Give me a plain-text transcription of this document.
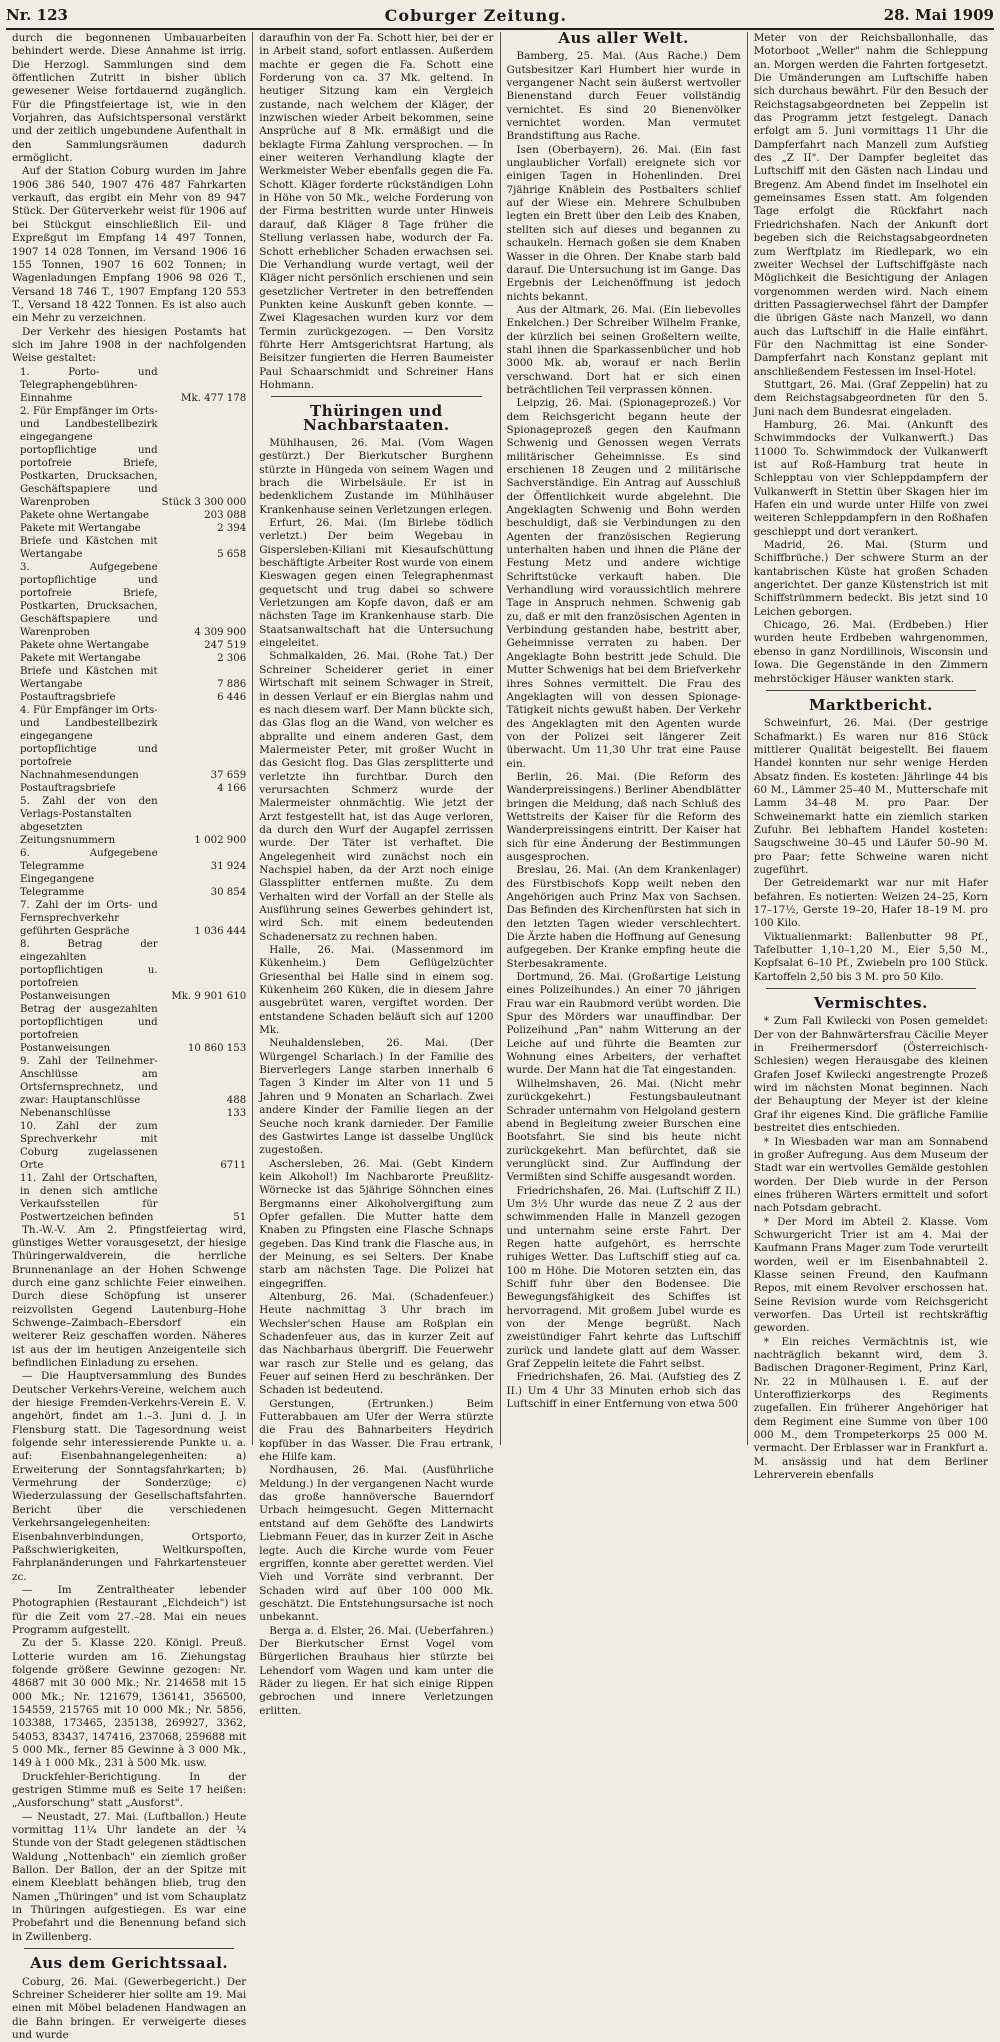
Nr. 123	Coburger Zeitung.	28. Mai 1909

durch die begonnenen Umbauarbeiten behindert werde. Diese Annahme ist irrig. Die Herzogl. Sammlungen sind dem öffentlichen Zutritt in bisher üblich gewesener Weise fortdauernd zugänglich. Für die Pfingstfeiertage ist, wie in den Vorjahren, das Aufsichtspersonal verstärkt und der zeitlich ungebundene Aufenthalt in den Sammlungsräumen dadurch ermöglicht.

Auf der Station Coburg wurden im Jahre 1906 386 540, 1907 476 487 Fahrkarten verkauft, das ergibt ein Mehr von 89 947 Stück. Der Güterverkehr weist für 1906 auf bei Stückgut einschließlich Eil- und Expreßgut im Empfang 14 497 Tonnen, 1907 14 028 Tonnen, im Versand 1906 16 155 Tonnen, 1907 16 602 Tonnen; in Wagenladungen Empfang 1906 98 026 T., Versand 18 746 T., 1907 Empfang 120 553 T., Versand 18 422 Tonnen. Es ist also auch ein Mehr zu verzeichnen.

Der Verkehr des hiesigen Postamts hat sich im Jahre 1908 in der nachfolgenden Weise gestaltet:

1. Porto- und Telegraphengebühren-Einnahme	Mk. 477 178
2. Für Empfänger im Orts- und Landbestellbezirk eingegangene portopflichtige und portofreie Briefe, Postkarten, Drucksachen, Geschäftspapiere und Warenproben	Stück 3 300 000
Pakete ohne Wertangabe	203 088
Pakete mit Wertangabe	2 394
Briefe und Kästchen mit Wertangabe	5 658
3. Aufgegebene portopflichtige und portofreie Briefe, Postkarten, Drucksachen, Geschäftspapiere und Warenproben	4 309 900
Pakete ohne Wertangabe	247 519
Pakete mit Wertangabe	2 306
Briefe und Kästchen mit Wertangabe	7 886
Postauftragsbriefe	6 446
4. Für Empfänger im Orts- und Landbestellbezirk eingegangene portopflichtige und portofreie Nachnahmesendungen	37 659
Postauftragsbriefe	4 166
5. Zahl der von den Verlags-Postanstalten abgesetzten Zeitungsnummern	1 002 900
6. Aufgegebene Telegramme	31 924
Eingegangene Telegramme	30 854
7. Zahl der im Orts- und Fernsprechverkehr geführten Gespräche	1 036 444
8. Betrag der eingezahlten portopflichtigen u. portofreien Postanweisungen	Mk. 9 901 610
Betrag der ausgezahlten portopflichtigen und portofreien Postanweisungen	10 860 153
9. Zahl der Teilnehmer-Anschlüsse am Ortsfernsprechnetz, und zwar: Hauptanschlüsse	488
Nebenanschlüsse	133
10. Zahl der zum Sprechverkehr mit Coburg zugelassenen Orte	6711
11. Zahl der Ortschaften, in denen sich amtliche Verkaufsstellen für Postwertzeichen befinden	51

Th.-W.-V. Am 2. Pfingstfeiertag wird, günstiges Wetter vorausgesetzt, der hiesige Thüringerwaldverein, die herrliche Brunnenanlage an der Hohen Schwenge durch eine ganz schlichte Feier einweihen. Durch diese Schöpfung ist unserer reizvollsten Gegend Lautenburg–Hohe Schwenge–Zaimbach–Ebersdorf ein weiterer Reiz geschaffen worden. Näheres ist aus der im heutigen Anzeigenteile sich befindlichen Einladung zu ersehen.

— Die Hauptversammlung des Bundes Deutscher Verkehrs-Vereine, welchem auch der hiesige Fremden-Verkehrs-Verein E. V. angehört, findet am 1.–3. Juni d. J. in Flensburg statt. Die Tagesordnung weist folgende sehr interessierende Punkte u. a. auf: Eisenbahnangelegenheiten: a) Erweiterung der Sonntagsfahrkarten; b) Vermehrung der Sonderzüge; c) Wiederzulassung der Gesellschaftsfahrten. Bericht über die verschiedenen Verkehrsangelegenheiten: Eisenbahnverbindungen, Ortsporto, Paßschwierigkeiten, Weltkurspoſten, Fahrplanänderungen und Fahrkartensteuer zc.

— Im Zentraltheater lebender Photographien (Restaurant „Eichdeich") ist für die Zeit vom 27.–28. Mai ein neues Programm aufgestellt.

Zu der 5. Klasse 220. Königl. Preuß. Lotterie wurden am 16. Ziehungstag folgende größere Gewinne gezogen: Nr. 48687 mit 30 000 Mk.; Nr. 214658 mit 15 000 Mk.; Nr. 121679, 136141, 356500, 154559, 215765 mit 10 000 Mk.; Nr. 5856, 103388, 173465, 235138, 269927, 3362, 54053, 83437, 147416, 237068, 259688 mit 5 000 Mk., ferner 85 Gewinne à 3 000 Mk., 149 à 1 000 Mk., 231 à 500 Mk. usw.

Druckfehler-Berichtigung. In der gestrigen Stimme muß es Seite 17 heißen: „Ausforschung" statt „Ausforst".

— Neustadt, 27. Mai. (Luftballon.) Heute vormittag 11¼ Uhr landete an der ¼ Stunde von der Stadt gelegenen städtischen Waldung „Nottenbach" ein ziemlich großer Ballon. Der Ballon, der an der Spitze mit einem Kleeblatt behängen blieb, trug den Namen „Thüringen" und ist vom Schauplatz in Thüringen aufgestiegen. Es war eine Probefahrt und die Benennung befand sich in Zwillenberg.

Aus dem Gerichtssaal.

Coburg, 26. Mai. (Gewerbegericht.) Der Schreiner Scheiderer hier sollte am 19. Mai einen mit Möbel beladenen Handwagen an die Bahn bringen. Er verweigerte dieses und wurde

daraufhin von der Fa. Schott hier, bei der er in Arbeit stand, sofort entlassen. Außerdem machte er gegen die Fa. Schott eine Forderung von ca. 37 Mk. geltend. In heutiger Sitzung kam ein Vergleich zustande, nach welchem der Kläger, der inzwischen wieder Arbeit bekommen, seine Ansprüche auf 8 Mk. ermäßigt und die beklagte Firma Zahlung versprochen. — In einer weiteren Verhandlung klagte der Werkmeister Weber ebenfalls gegen die Fa. Schott. Kläger forderte rückständigen Lohn in Höhe von 50 Mk., welche Forderung von der Firma bestritten wurde unter Hinweis darauf, daß Kläger 8 Tage früher die Stellung verlassen habe, wodurch der Fa. Schott erheblicher Schaden erwachsen sei. Die Verhandlung wurde vertagt, weil der Kläger nicht persönlich erschienen und sein gesetzlicher Vertreter in den betreffenden Punkten keine Auskunft geben konnte. — Zwei Klagesachen wurden kurz vor dem Termin zurückgezogen. — Den Vorsitz führte Herr Amtsgerichtsrat Hartung, als Beisitzer fungierten die Herren Baumeister Paul Schaarschmidt und Schreiner Hans Hohmann.

Thüringen und Nachbarstaaten.

Mühlhausen, 26. Mai. (Vom Wagen gestürzt.) Der Bierkutscher Burghenn stürzte in Hüngeda von seinem Wagen und brach die Wirbelsäule. Er ist in bedenklichem Zustande im Mühlhäuser Krankenhause seinen Verletzungen erlegen.

Erfurt, 26. Mai. (Im Birlebe tödlich verletzt.) Der beim Wegebau in Gispersleben-Kiliani mit Kiesaufschüttung beschäftigte Arbeiter Rost wurde von einem Kieswagen gegen einen Telegraphenmast gequetscht und trug dabei so schwere Verletzungen am Kopfe davon, daß er am nächsten Tage im Krankenhause starb. Die Staatsanwaltschaft hat die Untersuchung eingeleitet.

Schmalkalden, 26. Mai. (Rohe Tat.) Der Schreiner Scheiderer geriet in einer Wirtschaft mit seinem Schwager in Streit, in dessen Verlauf er ein Bierglas nahm und es nach diesem warf. Der Mann bückte sich, das Glas flog an die Wand, von welcher es abprallte und einem anderen Gast, dem Malermeister Peter, mit großer Wucht in das Gesicht flog. Das Glas zersplitterte und verletzte ihn furchtbar. Durch den verursachten Schmerz wurde der Malermeister ohnmächtig. Wie jetzt der Arzt festgestellt hat, ist das Auge verloren, da durch den Wurf der Augapfel zerrissen wurde. Der Täter ist verhaftet. Die Angelegenheit wird zunächst noch ein Nachspiel haben, da der Arzt noch einige Glassplitter entfernen mußte. Zu dem Verhalten wird der Vorfall an der Stelle als Ausführung seines Gewerbes gehindert ist, wird Sch. mit einem bedeutenden Schadenersatz zu rechnen haben.

Halle, 26. Mai. (Massenmord im Kükenheim.) Dem Geflügelzüchter Griesenthal bei Halle sind in einem sog. Kükenheim 260 Küken, die in diesem Jahre ausgebrütet waren, vergiftet worden. Der entstandene Schaden beläuft sich auf 1200 Mk.

Neuhaldensleben, 26. Mai. (Der Würgengel Scharlach.) In der Familie des Bierverlegers Lange starben innerhalb 6 Tagen 3 Kinder im Alter von 11 und 5 Jahren und 9 Monaten an Scharlach. Zwei andere Kinder der Familie liegen an der Seuche noch krank darnieder. Der Familie des Gastwirtes Lange ist dasselbe Unglück zugestoßen.

Aschersleben, 26. Mai. (Gebt Kindern kein Alkohol!) Im Nachbarorte Preußlitz-Wörnecke ist das 5jährige Söhnchen eines Bergmanns einer Alkoholvergiftung zum Opfer gefallen. Die Mutter hatte dem Knaben zu Pfingsten eine Flasche Schnaps gegeben. Das Kind trank die Flasche aus, in der Meinung, es sei Selters. Der Knabe starb am nächsten Tage. Die Polizei hat eingegriffen.

Altenburg, 26. Mai. (Schadenfeuer.) Heute nachmittag 3 Uhr brach im Wechsler'schen Hause am Roßplan ein Schadenfeuer aus, das in kurzer Zeit auf das Nachbarhaus übergriff. Die Feuerwehr war rasch zur Stelle und es gelang, das Feuer auf seinen Herd zu beschränken. Der Schaden ist bedeutend.

Gerstungen, (Ertrunken.) Beim Futterabbauen am Ufer der Werra stürzte die Frau des Bahnarbeiters Heydrich kopfüber in das Wasser. Die Frau ertrank, ehe Hilfe kam.

Nordhausen, 26. Mai. (Ausführliche Meldung.) In der vergangenen Nacht wurde das große hannöversche Bauerndorf Urbach heimgesucht. Gegen Mitternacht entstand auf dem Gehöfte des Landwirts Liebmann Feuer, das in kurzer Zeit in Asche legte. Auch die Kirche wurde vom Feuer ergriffen, konnte aber gerettet werden. Viel Vieh und Vorräte sind verbrannt. Der Schaden wird auf über 100 000 Mk. geschätzt. Die Entstehungsursache ist noch unbekannt.

Berga a. d. Elster, 26. Mai. (Ueberfahren.) Der Bierkutscher Ernst Vogel vom Bürgerlichen Brauhaus hier stürzte bei Lehendorf vom Wagen und kam unter die Räder zu liegen. Er hat sich einige Rippen gebrochen und innere Verletzungen erlitten.

Aus aller Welt.

Bamberg, 25. Mai. (Aus Rache.) Dem Gutsbesitzer Karl Humbert hier wurde in vergangener Nacht sein äußerst wertvoller Bienenstand durch Feuer vollständig vernichtet. Es sind 20 Bienenvölker vernichtet worden. Man vermutet Brandstiftung aus Rache.

Isen (Oberbayern), 26. Mai. (Ein fast unglaublicher Vorfall) ereignete sich vor einigen Tagen in Hohenlinden. Drei 7jährige Knäblein des Postbalters schlief auf der Wiese ein. Mehrere Schulbuben legten ein Brett über den Leib des Knaben, stellten sich auf dieses und begannen zu schaukeln. Hernach goßen sie dem Knaben Wasser in die Ohren. Der Knabe starb bald darauf. Die Untersuchung ist im Gange. Das Ergebnis der Leichenöffnung ist jedoch nichts bekannt.

Aus der Altmark, 26. Mai. (Ein liebevolles Enkelchen.) Der Schreiber Wilhelm Franke, der kürzlich bei seinen Großeltern weilte, stahl ihnen die Sparkassenbücher und hob 3000 Mk. ab, worauf er nach Berlin verschwand. Dort hat er sich einen beträchtlichen Teil verprassen können.

Leipzig, 26. Mai. (Spionageprozeß.) Vor dem Reichsgericht begann heute der Spionageprozeß gegen den Kaufmann Schwenig und Genossen wegen Verrats militärischer Geheimnisse. Es sind erschienen 18 Zeugen und 2 militärische Sachverständige. Ein Antrag auf Ausschluß der Öffentlichkeit wurde abgelehnt. Die Angeklagten Schwenig und Bohn werden beschuldigt, daß sie Verbindungen zu den Agenten der französischen Regierung unterhalten haben und ihnen die Pläne der Festung Metz und andere wichtige Schriftstücke verkauft haben. Die Verhandlung wird voraussichtlich mehrere Tage in Anspruch nehmen. Schwenig gab zu, daß er mit den französischen Agenten in Verbindung gestanden habe, bestritt aber, Geheimnisse verraten zu haben. Der Angeklagte Bohn bestritt jede Schuld. Die Mutter Schwenigs hat bei dem Briefverkehr ihres Sohnes vermittelt. Die Frau des Angeklagten will von dessen Spionage-Tätigkeit nichts gewußt haben. Der Verkehr des Angeklagten mit den Agenten wurde von der Polizei seit längerer Zeit überwacht. Um 11,30 Uhr trat eine Pause ein.

Berlin, 26. Mai. (Die Reform des Wanderpreissingens.) Berliner Abendblätter bringen die Meldung, daß nach Schluß des Wettstreits der Kaiser für die Reform des Wanderpreissingens eintritt. Der Kaiser hat sich für eine Änderung der Bestimmungen ausgesprochen.

Breslau, 26. Mai. (An dem Krankenlager) des Fürstbischofs Kopp weilt neben den Angehörigen auch Prinz Max von Sachsen. Das Befinden des Kirchenfürsten hat sich in den letzten Tagen wieder verschlechtert. Die Ärzte haben die Hoffnung auf Genesung aufgegeben. Der Kranke empfing heute die Sterbesakramente.

Dortmund, 26. Mai. (Großartige Leistung eines Polizeihundes.) An einer 70 jährigen Frau war ein Raubmord verübt worden. Die Spur des Mörders war unauffindbar. Der Polizeihund „Pan" nahm Witterung an der Leiche auf und führte die Beamten zur Wohnung eines Arbeiters, der verhaftet wurde. Der Mann hat die Tat eingestanden.

Wilhelmshaven, 26. Mai. (Nicht mehr zurückgekehrt.) Festungsbauleutnant Schrader unternahm von Helgoland gestern abend in Begleitung zweier Burschen eine Bootsfahrt. Sie sind bis heute nicht zurückgekehrt. Man befürchtet, daß sie verunglückt sind. Zur Auffindung der Vermißten sind Schiffe ausgesandt worden.

Friedrichshafen, 26. Mai. (Luftschiff Z II.) Um 3½ Uhr wurde das neue Z 2 aus der schwimmenden Halle in Manzell gezogen und unternahm seine erste Fahrt. Der Regen hatte aufgehört, es herrschte ruhiges Wetter. Das Luftschiff stieg auf ca. 100 m Höhe. Die Motoren setzten ein, das Schiff fuhr über den Bodensee. Die Bewegungsfähigkeit des Schiffes ist hervorragend. Mit großem Jubel wurde es von der Menge begrüßt. Nach zweistündiger Fahrt kehrte das Luftschiff zurück und landete glatt auf dem Wasser. Graf Zeppelin leitete die Fahrt selbst.

Friedrichshafen, 26. Mai. (Aufstieg des Z II.) Um 4 Uhr 33 Minuten erhob sich das Luftschiff in einer Entfernung von etwa 500

Meter von der Reichsballonhalle, das Motorboot „Weller" nahm die Schleppung an. Morgen werden die Fahrten fortgesetzt. Die Umänderungen am Luftschiffe haben sich durchaus bewährt. Für den Besuch der Reichstagsabgeordneten bei Zeppelin ist das Programm jetzt festgelegt. Danach erfolgt am 5. Juni vormittags 11 Uhr die Dampferfahrt nach Manzell zum Aufstieg des „Z II". Der Dampfer begleitet das Luftschiff mit den Gästen nach Lindau und Bregenz. Am Abend findet im Inselhotel ein gemeinsames Essen statt. Am folgenden Tage erfolgt die Rückfahrt nach Friedrichshafen. Nach der Ankunft dort begeben sich die Reichstagsabgeordneten zum Werftplatz im Riedlepark, wo ein zweiter Wechsel der Luftschiffgäste nach Möglichkeit die Besichtigung der Anlagen vorgenommen werden wird. Nach einem dritten Passagierwechsel fährt der Dampfer die übrigen Gäste nach Manzell, wo dann auch das Luftschiff in die Halle einfährt. Für den Nachmittag ist eine Sonder-Dampferfahrt nach Konstanz geplant mit anschließendem Festessen im Insel-Hotel.

Stuttgart, 26. Mai. (Graf Zeppelin) hat zu dem Reichstagsabgeordneten für den 5. Juni nach dem Bundesrat eingeladen.

Hamburg, 26. Mai. (Ankunft des Schwimmdocks der Vulkanwerft.) Das 11000 To. Schwimmdock der Vulkanwerft ist auf Roß-Hamburg trat heute in Schlepptau von vier Schleppdampfern der Vulkanwerft in Stettin über Skagen hier im Hafen ein und wurde unter Hilfe von zwei weiteren Schleppdampfern in den Roßhafen geschleppt und dort verankert.

Madrid, 26. Mai. (Sturm und Schiffbrüche.) Der schwere Sturm an der kantabrischen Küste hat großen Schaden angerichtet. Der ganze Küstenstrich ist mit Schiffstrümmern bedeckt. Bis jetzt sind 10 Leichen geborgen.

Chicago, 26. Mai. (Erdbeben.) Hier wurden heute Erdbeben wahrgenommen, ebenso in ganz Nordillinois, Wisconsin und Iowa. Die Gegenstände in den Zimmern mehrstöckiger Häuser wankten stark.

Marktbericht.

Schweinfurt, 26. Mai. (Der gestrige Schafmarkt.) Es waren nur 816 Stück mittlerer Qualität beigestellt. Bei flauem Handel konnten nur sehr wenige Herden Absatz finden. Es kosteten: Jährlinge 44 bis 60 M., Lämmer 25–40 M., Mutterschafe mit Lamm 34–48 M. pro Paar. Der Schweinemarkt hatte ein ziemlich starken Zufuhr. Bei lebhaftem Handel kosteten: Saugschweine 30–45 und Läufer 50–90 M. pro Paar; fette Schweine waren nicht zugeführt.

Der Getreidemarkt war nur mit Hafer befahren. Es notierten: Weizen 24–25, Korn 17–17½, Gerste 19–20, Hafer 18–19 M. pro 100 Kilo.

Viktualienmarkt: Ballenbutter 98 Pf., Tafelbutter 1,10–1,20 M., Eier 5,50 M., Kopfsalat 6–10 Pf., Zwiebeln pro 100 Stück. Kartoffeln 2,50 bis 3 M. pro 50 Kilo.

Vermischtes.

* Zum Fall Kwilecki von Posen gemeldet: Der von der Bahnwärtersfrau Cäcilie Meyer in Freihermersdorf (Österreichisch-Schlesien) wegen Herausgabe des kleinen Grafen Josef Kwilecki angestrengte Prozeß wird im nächsten Monat beginnen. Nach der Behauptung der Meyer ist der kleine Graf ihr eigenes Kind. Die gräfliche Familie bestreitet dies entschieden.

* In Wiesbaden war man am Sonnabend in großer Aufregung. Aus dem Museum der Stadt war ein wertvolles Gemälde gestohlen worden. Der Dieb wurde in der Person eines früheren Wärters ermittelt und sofort nach Potsdam gebracht.

* Der Mord im Abteil 2. Klasse. Vom Schwurgericht Trier ist am 4. Mai der Kaufmann Frans Mager zum Tode verurteilt worden, weil er im Eisenbahnabteil 2. Klasse seinen Freund, den Kaufmann Repos, mit einem Revolver erschossen hat. Seine Revision wurde vom Reichsgericht verworfen. Das Urteil ist rechtskräftig geworden.

* Ein reiches Vermächtnis ist, wie nachträglich bekannt wird, dem 3. Badischen Dragoner-Regiment, Prinz Karl, Nr. 22 in Mülhausen i. E. auf der Unteroffizierkorps des Regiments zugefallen. Ein früherer Angehöriger hat dem Regiment eine Summe von über 100 000 M., dem Trompeterkorps 25 000 M. vermacht. Der Erblasser war in Frankfurt a. M. ansässig und hat dem Berliner Lehrerverein ebenfalls
